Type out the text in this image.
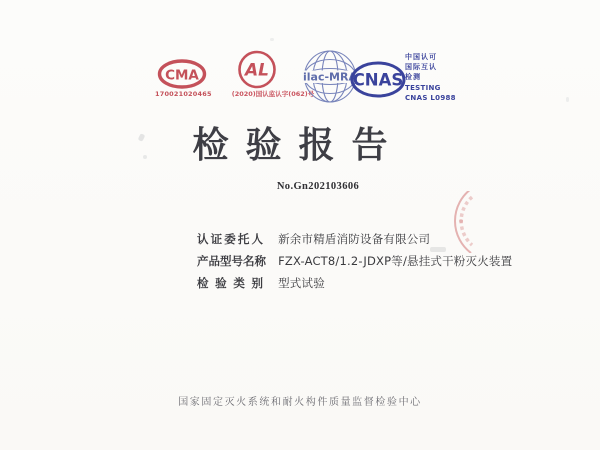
CMA
170021020465
AL
(2020)国认监认字(062)号
ilac-MRA
CNAS
中国认可
国际互认
检测
TESTING
CNAS L0988
检验报告
No.Gn202103606
认证委托人 新余市精盾消防设备有限公司
产品型号名称 FZX-ACT8/1.2-JDXP等/悬挂式干粉灭火装置
检验类别 型式试验
国家固定灭火系统和耐火构件质量监督检验中心
